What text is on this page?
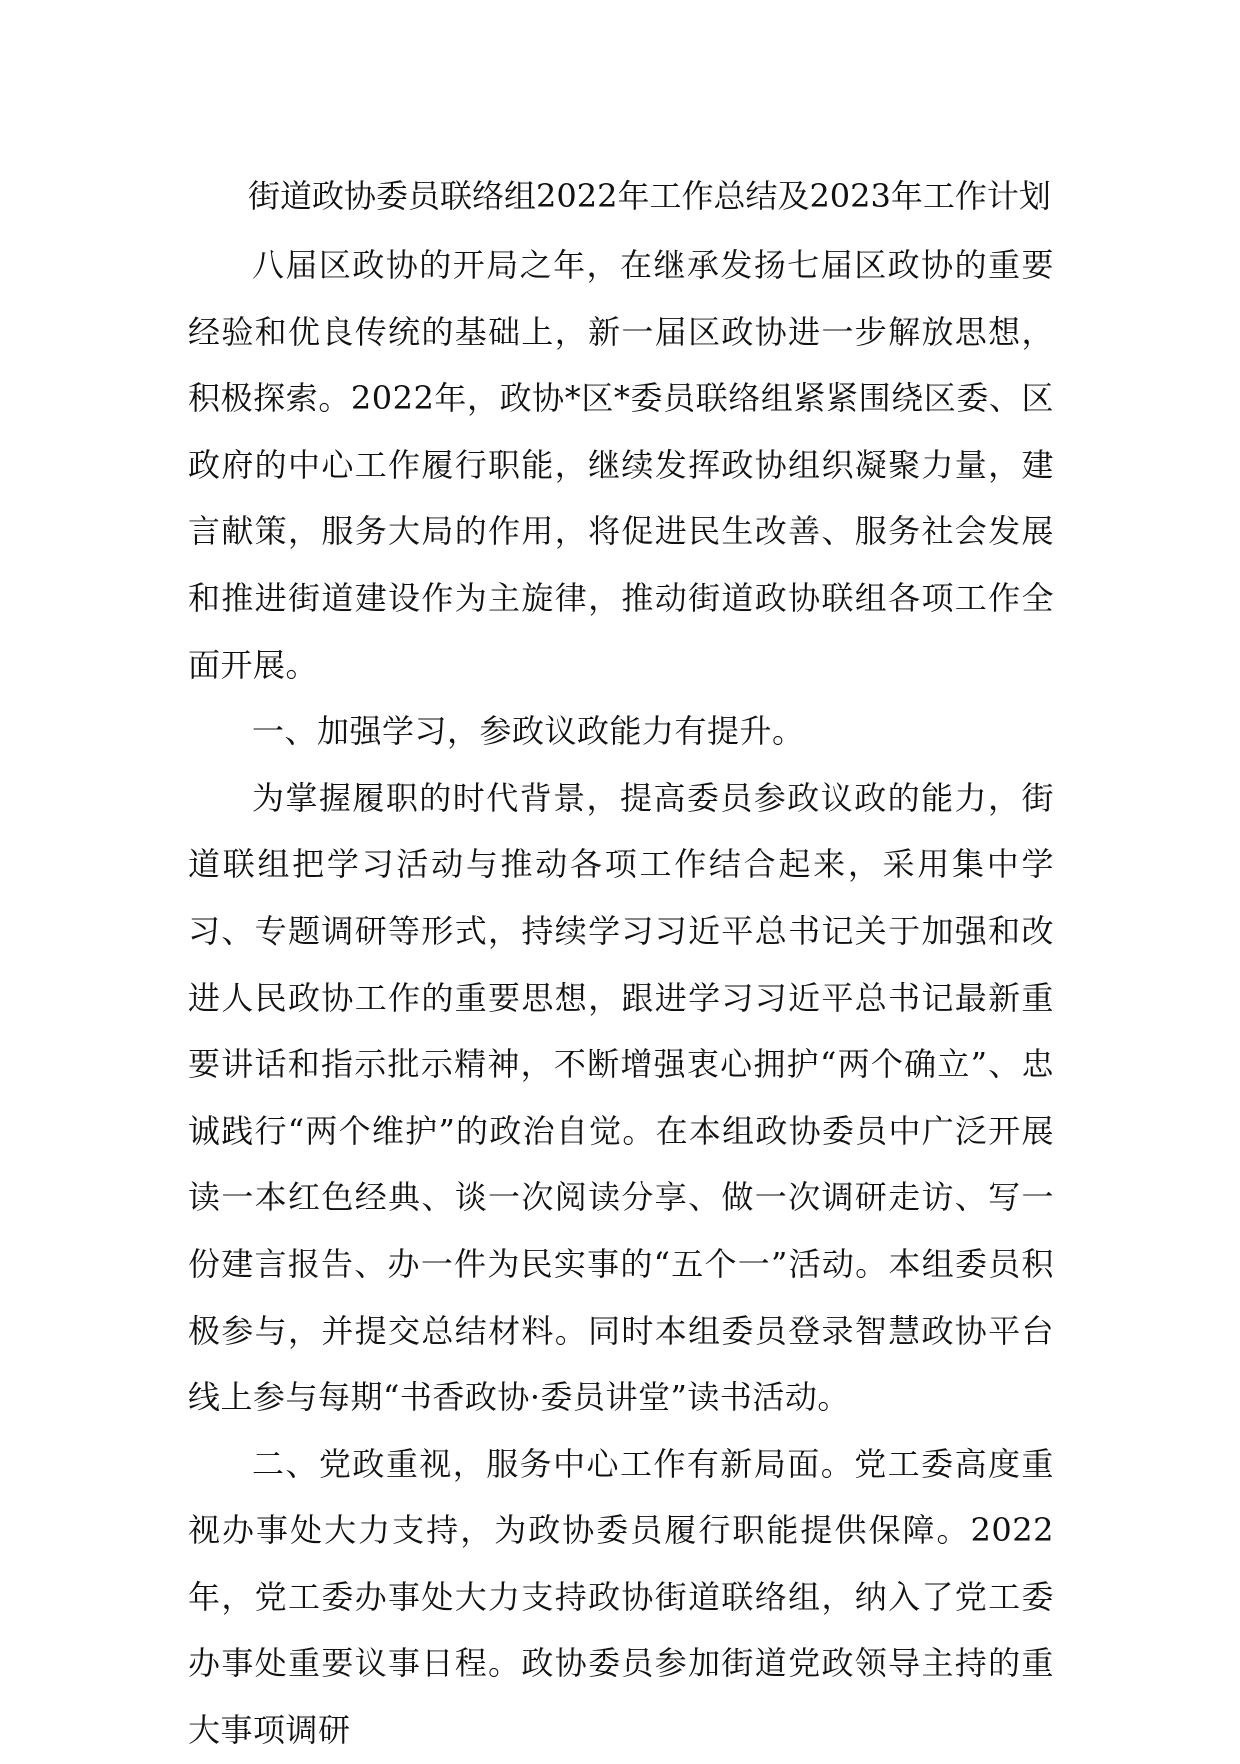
街道政协委员联络组2022年工作总结及2023年工作计划

八届区政协的开局之年，在继承发扬七届区政协的重要经验和优良传统的基础上，新一届区政协进一步解放思想，积极探索。2022年，政协*区*委员联络组紧紧围绕区委、区政府的中心工作履行职能，继续发挥政协组织凝聚力量，建言献策，服务大局的作用，将促进民生改善、服务社会发展和推进街道建设作为主旋律，推动街道政协联组各项工作全面开展。

一、加强学习，参政议政能力有提升。

为掌握履职的时代背景，提高委员参政议政的能力，街道联组把学习活动与推动各项工作结合起来，采用集中学习、专题调研等形式，持续学习习近平总书记关于加强和改进人民政协工作的重要思想，跟进学习习近平总书记最新重要讲话和指示批示精神，不断增强衷心拥护“两个确立”、忠诚践行“两个维护”的政治自觉。在本组政协委员中广泛开展读一本红色经典、谈一次阅读分享、做一次调研走访、写一份建言报告、办一件为民实事的“五个一”活动。本组委员积极参与，并提交总结材料。同时本组委员登录智慧政协平台线上参与每期“书香政协·委员讲堂”读书活动。

二、党政重视，服务中心工作有新局面。党工委高度重视办事处大力支持，为政协委员履行职能提供保障。2022年，党工委办事处大力支持政协街道联络组，纳入了党工委办事处重要议事日程。政协委员参加街道党政领导主持的重大事项调研
